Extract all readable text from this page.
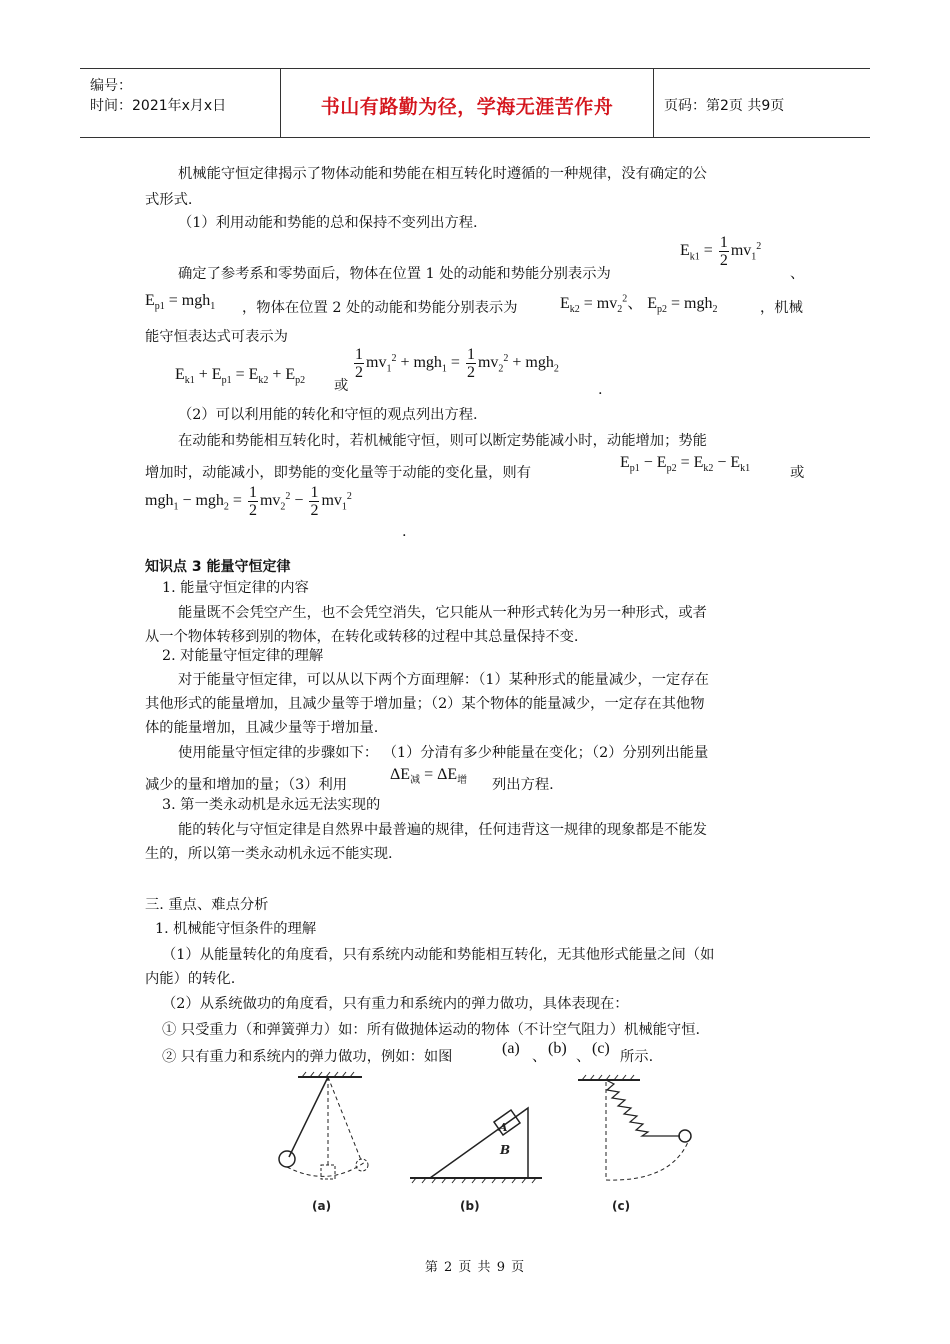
编号：
时间：2021年x月x日	书山有路勤为径，学海无涯苦作舟	页码：第2页 共9页
机械能守恒定律揭示了物体动能和势能在相互转化时遵循的一种规律，没有确定的公
式形式.
（1）利用动能和势能的总和保持不变列出方程.
确定了参考系和零势面后，物体在位置 1 处的动能和势能分别表示为
$E_{k1} = \frac{1}{2} mv_1^2$
、
$E_{p1} = mgh_1$ ，物体在位置 2 处的动能和势能分别表示为	$E_{k2} = mv_2^2$、 $E_{p2} = mgh_2$	，机械
能守恒表达式可表示为
$E_{k1} + E_{p1} = E_{k2} + E_{p2}$ 或
$\frac{1}{2} mv_1^2 + mgh_1 = \frac{1}{2} mv_2^2 + mgh_2$
.
（2）可以利用能的转化和守恒的观点列出方程.
在动能和势能相互转化时，若机械能守恒，则可以断定势能减小时，动能增加；势能
增加时，动能减小，即势能的变化量等于动能的变化量，则有
$E_{p1} - E_{p2} = E_{k2} - E_{k1}$	或
$mgh_1 - mgh_2 = \frac{1}{2} mv_2^2 - \frac{1}{2} mv_1^2$
.
知识点 3 能量守恒定律
1. 能量守恒定律的内容
能量既不会凭空产生，也不会凭空消失，它只能从一种形式转化为另一种形式，或者
从一个物体转移到别的物体，在转化或转移的过程中其总量保持不变.
2. 对能量守恒定律的理解
对于能量守恒定律，可以从以下两个方面理解：（1）某种形式的能量减少，一定存在
其他形式的能量增加，且减少量等于增加量；（2）某个物体的能量减少，一定存在其他物
体的能量增加，且减少量等于增加量.
使用能量守恒定律的步骤如下： （1）分清有多少种能量在变化；（2）分别列出能量
减少的量和增加的量；（3）利用
$\Delta E_减 = \Delta E_增$ 列出方程.
3. 第一类永动机是永远无法实现的
能的转化与守恒定律是自然界中最普遍的规律，任何违背这一规律的现象都是不能发
生的，所以第一类永动机永远不能实现.
三. 重点、难点分析
1. 机械能守恒条件的理解
（1）从能量转化的角度看，只有系统内动能和势能相互转化，无其他形式能量之间（如
内能）的转化.
（2）从系统做功的角度看，只有重力和系统内的弹力做功，具体表现在：
① 只受重力（和弹簧弹力）如：所有做抛体运动的物体（不计空气阻力）机械能守恒.
② 只有重力和系统内的弹力做功，例如：如图	(a) 、 (b) 、 (c) 所示.
(a)
A
B
(b)	(c)
第 2 页 共 9 页
